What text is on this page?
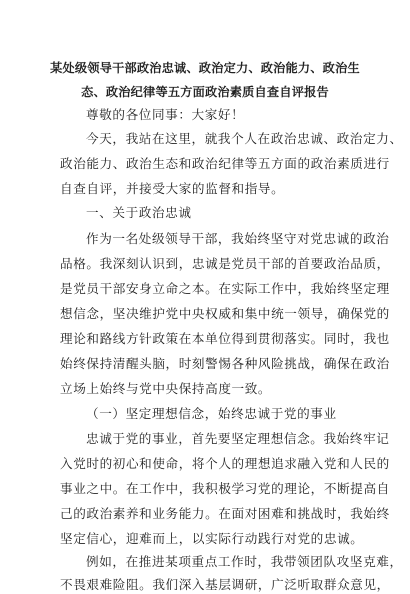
某处级领导干部政治忠诚、政治定力、政治能力、政治生
态、政治纪律等五方面政治素质自查自评报告
尊敬的各位同事：大家好！
今天，我站在这里，就我个人在政治忠诚、政治定力、
政治能力、政治生态和政治纪律等五方面的政治素质进行
自查自评，并接受大家的监督和指导。
一、关于政治忠诚
作为一名处级领导干部，我始终坚守对党忠诚的政治
品格。我深刻认识到，忠诚是党员干部的首要政治品质，
是党员干部安身立命之本。在实际工作中，我始终坚定理
想信念，坚决维护党中央权威和集中统一领导，确保党的
理论和路线方针政策在本单位得到贯彻落实。同时，我也
始终保持清醒头脑，时刻警惕各种风险挑战，确保在政治
立场上始终与党中央保持高度一致。
（一）坚定理想信念，始终忠诚于党的事业
忠诚于党的事业，首先要坚定理想信念。我始终牢记
入党时的初心和使命，将个人的理想追求融入党和人民的
事业之中。在工作中，我积极学习党的理论，不断提高自
己的政治素养和业务能力。在面对困难和挑战时，我始终
坚定信心，迎难而上，以实际行动践行对党的忠诚。
例如，在推进某项重点工作时，我带领团队攻坚克难，
不畏艰难险阻。我们深入基层调研，广泛听取群众意见，
